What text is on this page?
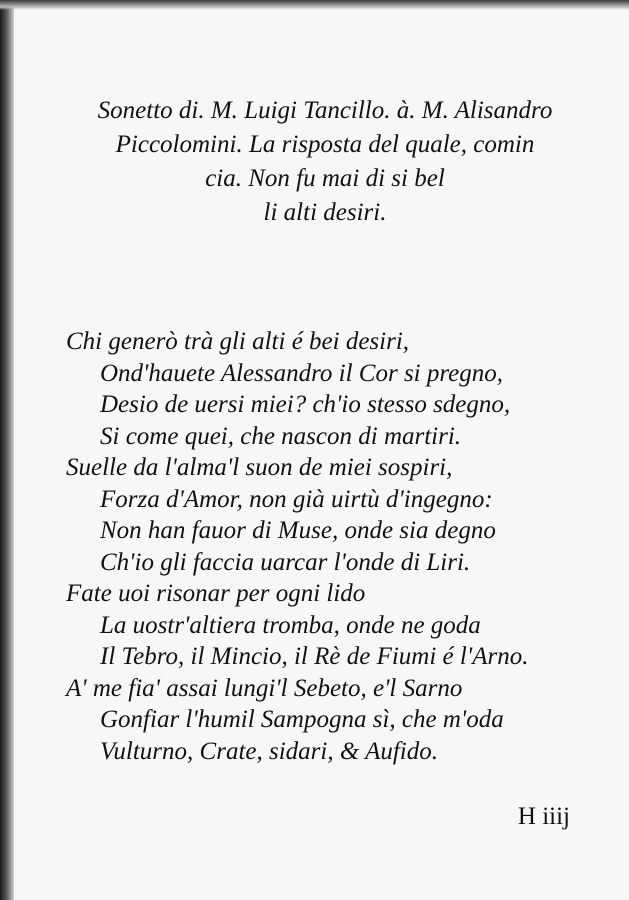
Sonetto di. M. Luigi Tancillo. à. M. Alisandro
Piccolomini. La risposta del quale, comin
cia. Non fu mai di si bel
li alti desiri.
Chi generò trà gli alti é bei desiri,
Ond'hauete Alessandro il Cor si pregno,
Desio de uersi miei? ch'io stesso sdegno,
Si come quei, che nascon di martiri.
Suelle da l'alma'l suon de miei sospiri,
Forza d'Amor, non già uirtù d'ingegno:
Non han fauor di Muse, onde sia degno
Ch'io gli faccia uarcar l'onde di Liri.
Fate uoi risonar per ogni lido
La uostr'altiera tromba, onde ne goda
Il Tebro, il Mincio, il Rè de Fiumi é l'Arno.
A' me fia' assai lungi'l Sebeto, e'l Sarno
Gonfiar l'humil Sampogna sì, che m'oda
Vulturno, Crate, sidari, & Aufido.
H iiij
